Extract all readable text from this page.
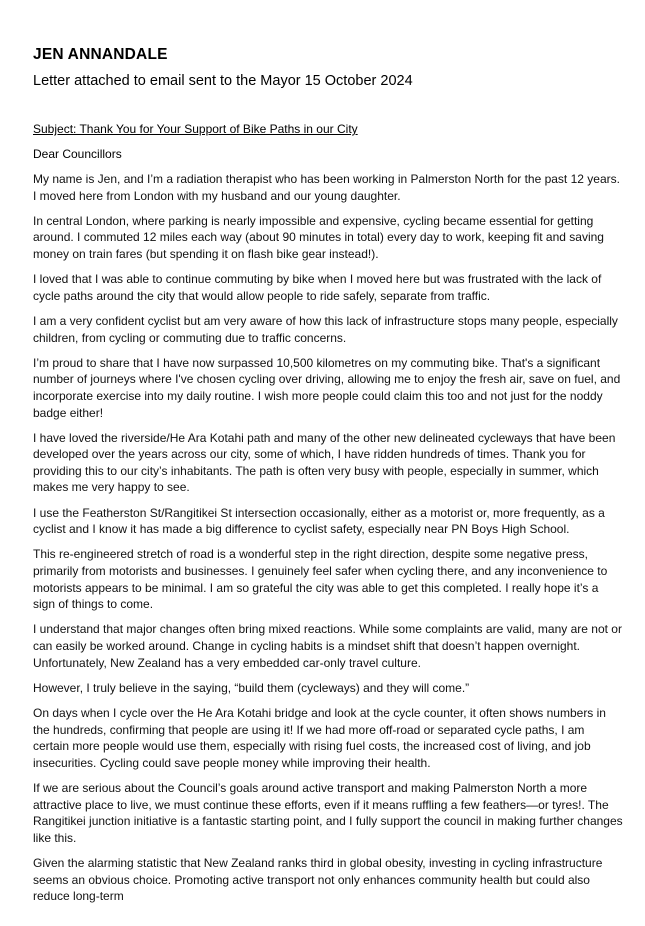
JEN ANNANDALE
Letter attached to email sent to the Mayor 15 October 2024
Subject: Thank You for Your Support of Bike Paths in our City
Dear Councillors

My name is Jen, and I’m a radiation therapist who has been working in Palmerston North for the past 12 years. I moved here from London with my husband and our young daughter.

In central London, where parking is nearly impossible and expensive, cycling became essential for getting around. I commuted 12 miles each way (about 90 minutes in total) every day to work, keeping fit and saving money on train fares (but spending it on flash bike gear instead!).

I loved that I was able to continue commuting by bike when I moved here but was frustrated with the lack of cycle paths around the city that would allow people to ride safely, separate from traffic.

I am a very confident cyclist but am very aware of how this lack of infrastructure stops many people, especially children, from cycling or commuting due to traffic concerns.

I’m proud to share that I have now surpassed 10,500 kilometres on my commuting bike. That's a significant number of journeys where I've chosen cycling over driving, allowing me to enjoy the fresh air, save on fuel, and incorporate exercise into my daily routine. I wish more people could claim this too and not just for the noddy badge either!

I have loved the riverside/He Ara Kotahi path and many of the other new delineated cycleways that have been developed over the years across our city, some of which, I have ridden hundreds of times. Thank you for providing this to our city’s inhabitants. The path is often very busy with people, especially in summer, which makes me very happy to see.

I use the Featherston St/Rangitikei St intersection occasionally, either as a motorist or, more frequently, as a cyclist and I know it has made a big difference to cyclist safety, especially near PN Boys High School.

This re-engineered stretch of road is a wonderful step in the right direction, despite some negative press, primarily from motorists and businesses. I genuinely feel safer when cycling there, and any inconvenience to motorists appears to be minimal. I am so grateful the city was able to get this completed. I really hope it’s a sign of things to come.

I understand that major changes often bring mixed reactions. While some complaints are valid, many are not or can easily be worked around. Change in cycling habits is a mindset shift that doesn’t happen overnight. Unfortunately, New Zealand has a very embedded car-only travel culture.

However, I truly believe in the saying, “build them (cycleways) and they will come.”

On days when I cycle over the He Ara Kotahi bridge and look at the cycle counter, it often shows numbers in the hundreds, confirming that people are using it! If we had more off-road or separated cycle paths, I am certain more people would use them, especially with rising fuel costs, the increased cost of living, and job insecurities. Cycling could save people money while improving their health.

If we are serious about the Council’s goals around active transport and making Palmerston North a more attractive place to live, we must continue these efforts, even if it means ruffling a few feathers—or tyres!. The Rangitikei junction initiative is a fantastic starting point, and I fully support the council in making further changes like this.

Given the alarming statistic that New Zealand ranks third in global obesity, investing in cycling infrastructure seems an obvious choice. Promoting active transport not only enhances community health but could also reduce long-term
